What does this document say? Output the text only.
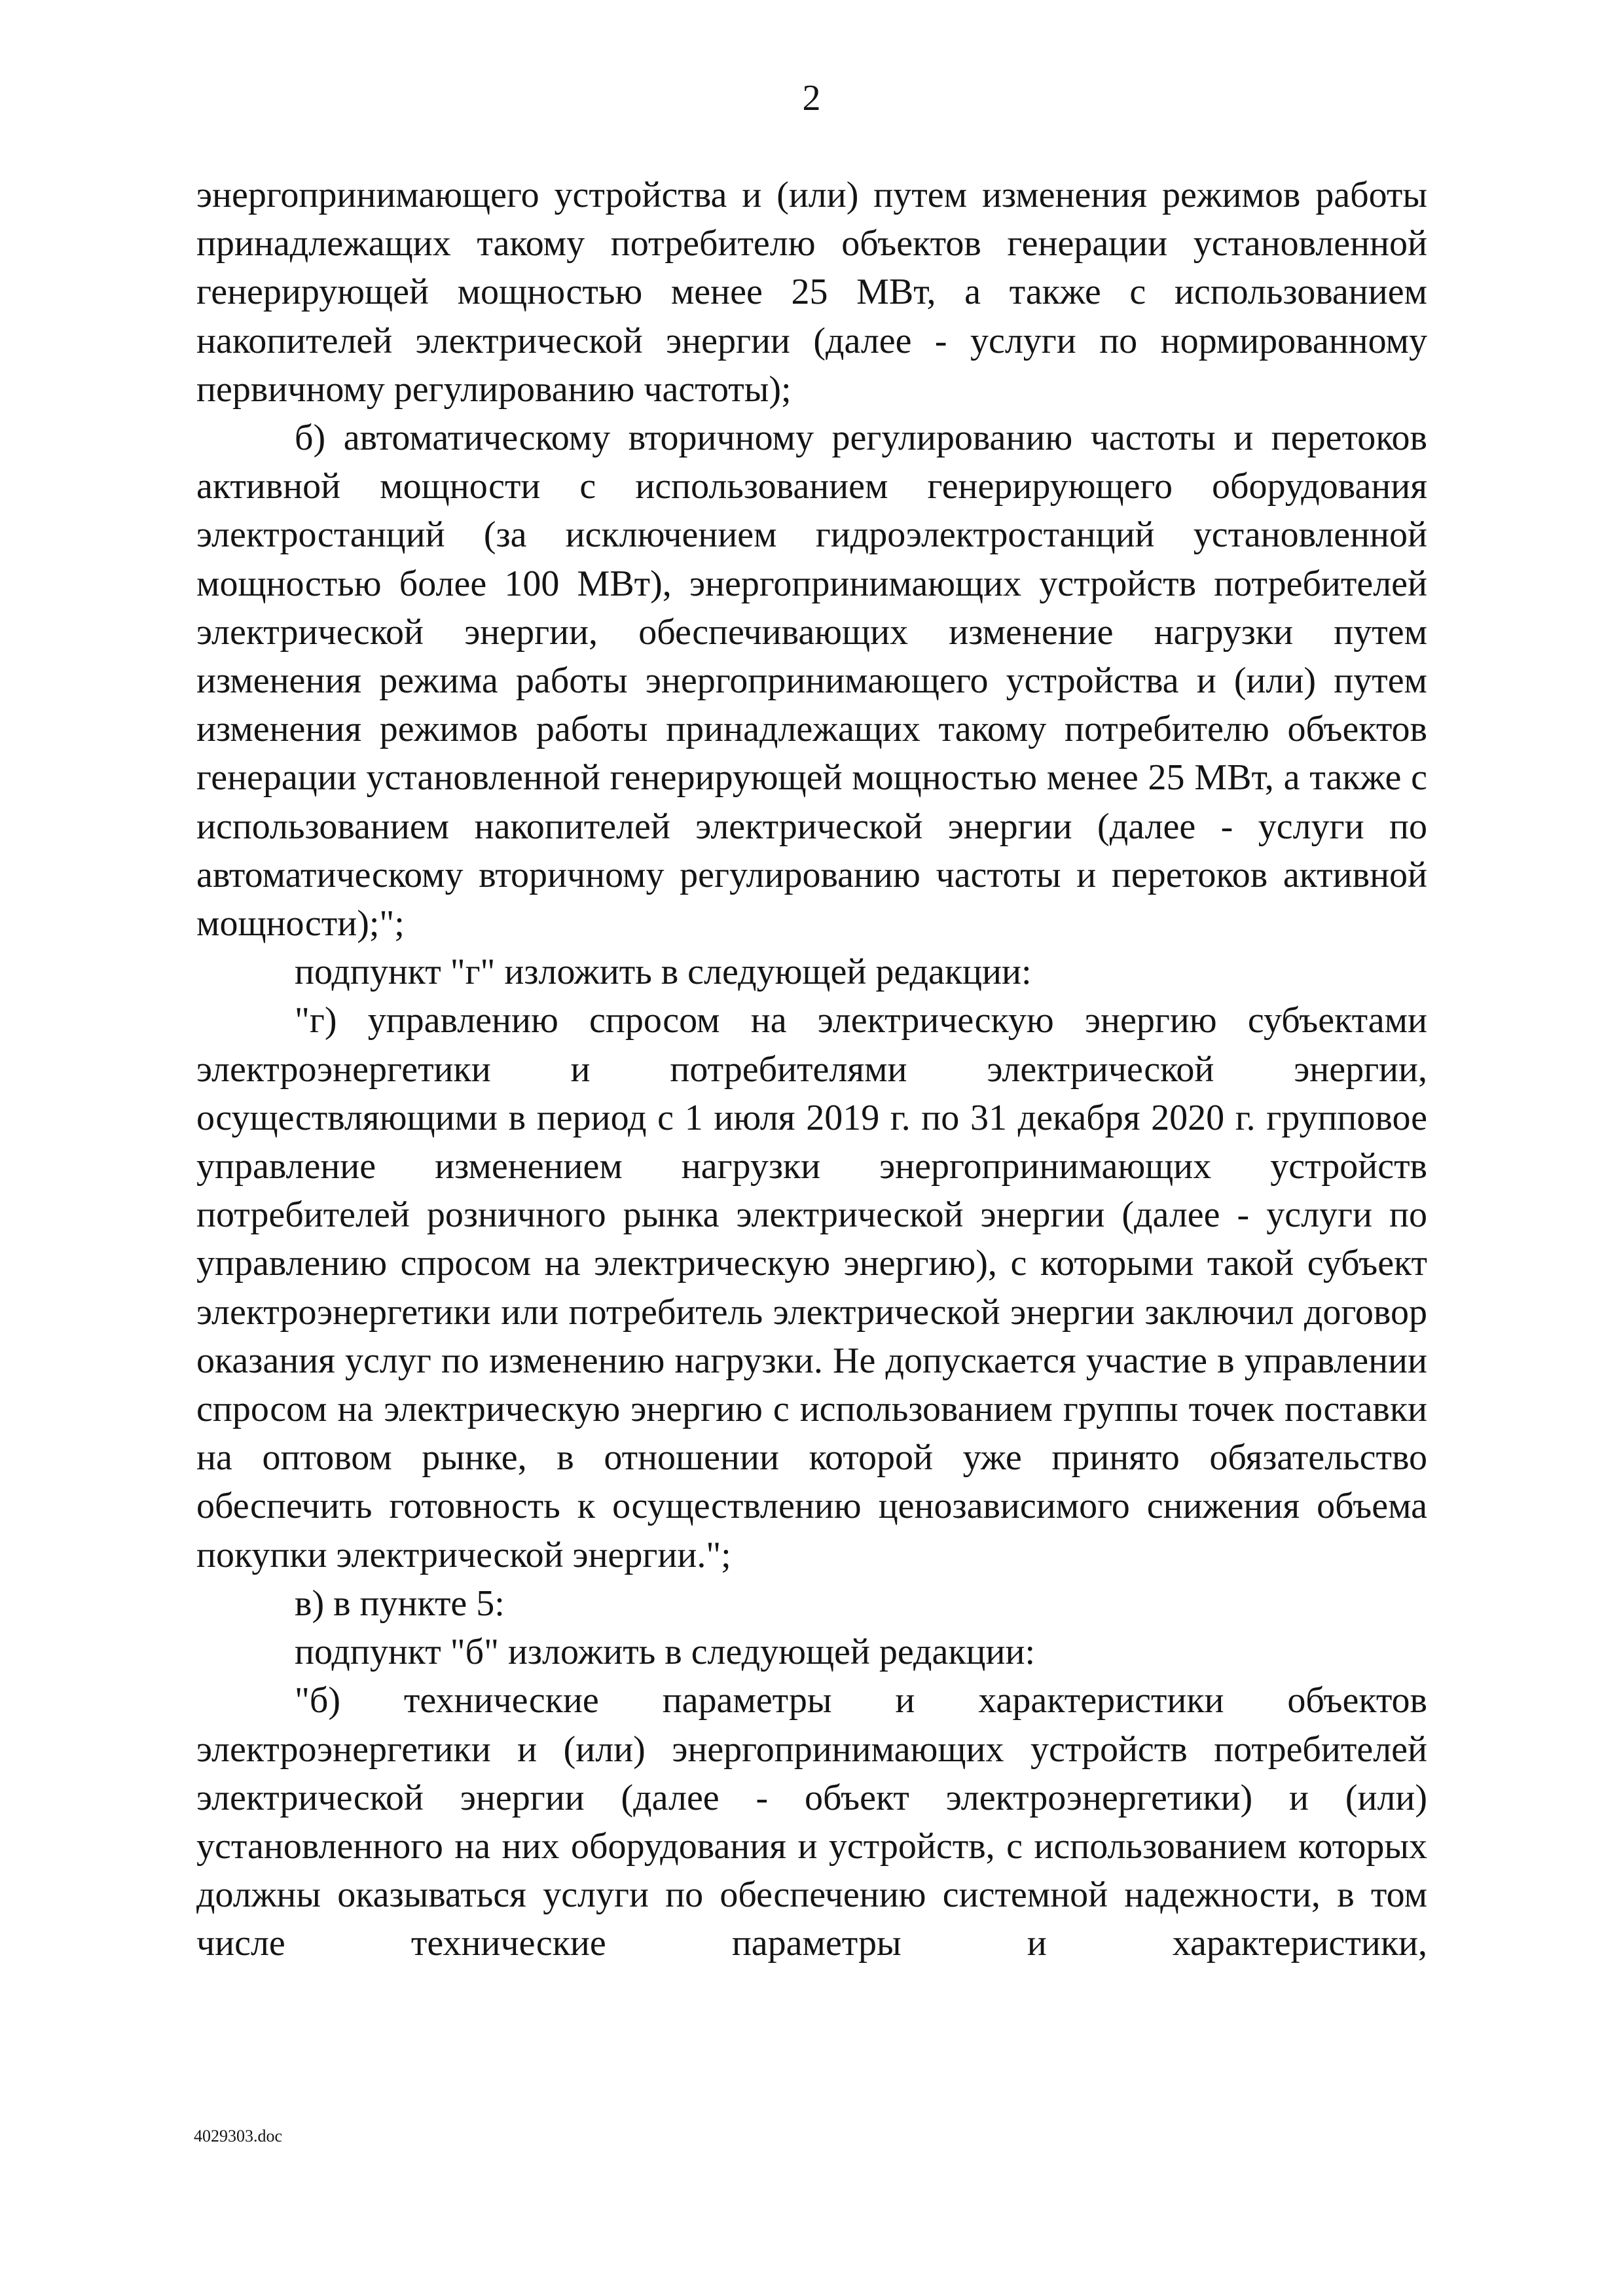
2

энергопринимающего устройства и (или) путем изменения режимов работы принадлежащих такому потребителю объектов генерации установленной генерирующей мощностью менее 25 МВт, а также с использованием накопителей электрической энергии (далее - услуги по нормированному первичному регулированию частоты);

б) автоматическому вторичному регулированию частоты и перетоков активной мощности с использованием генерирующего оборудования электростанций (за исключением гидроэлектростанций установленной мощностью более 100 МВт), энергопринимающих устройств потребителей электрической энергии, обеспечивающих изменение нагрузки путем изменения режима работы энергопринимающего устройства и (или) путем изменения режимов работы принадлежащих такому потребителю объектов генерации установленной генерирующей мощностью менее 25 МВт, а также с использованием накопителей электрической энергии (далее - услуги по автоматическому вторичному регулированию частоты и перетоков активной мощности);";

подпункт "г" изложить в следующей редакции:

"г) управлению спросом на электрическую энергию субъектами электроэнергетики и потребителями электрической энергии, осуществляющими в период с 1 июля 2019 г. по 31 декабря 2020 г. групповое управление изменением нагрузки энергопринимающих устройств потребителей розничного рынка электрической энергии (далее - услуги по управлению спросом на электрическую энергию), с которыми такой субъект электроэнергетики или потребитель электрической энергии заключил договор оказания услуг по изменению нагрузки. Не допускается участие в управлении спросом на электрическую энергию с использованием группы точек поставки на оптовом рынке, в отношении которой уже принято обязательство обеспечить готовность к осуществлению ценозависимого снижения объема покупки электрической энергии.";

в) в пункте 5:

подпункт "б" изложить в следующей редакции:

"б) технические параметры и характеристики объектов электроэнергетики и (или) энергопринимающих устройств потребителей электрической энергии (далее - объект электроэнергетики) и (или) установленного на них оборудования и устройств, с использованием которых должны оказываться услуги по обеспечению системной надежности, в том числе технические параметры и характеристики,

4029303.doc
